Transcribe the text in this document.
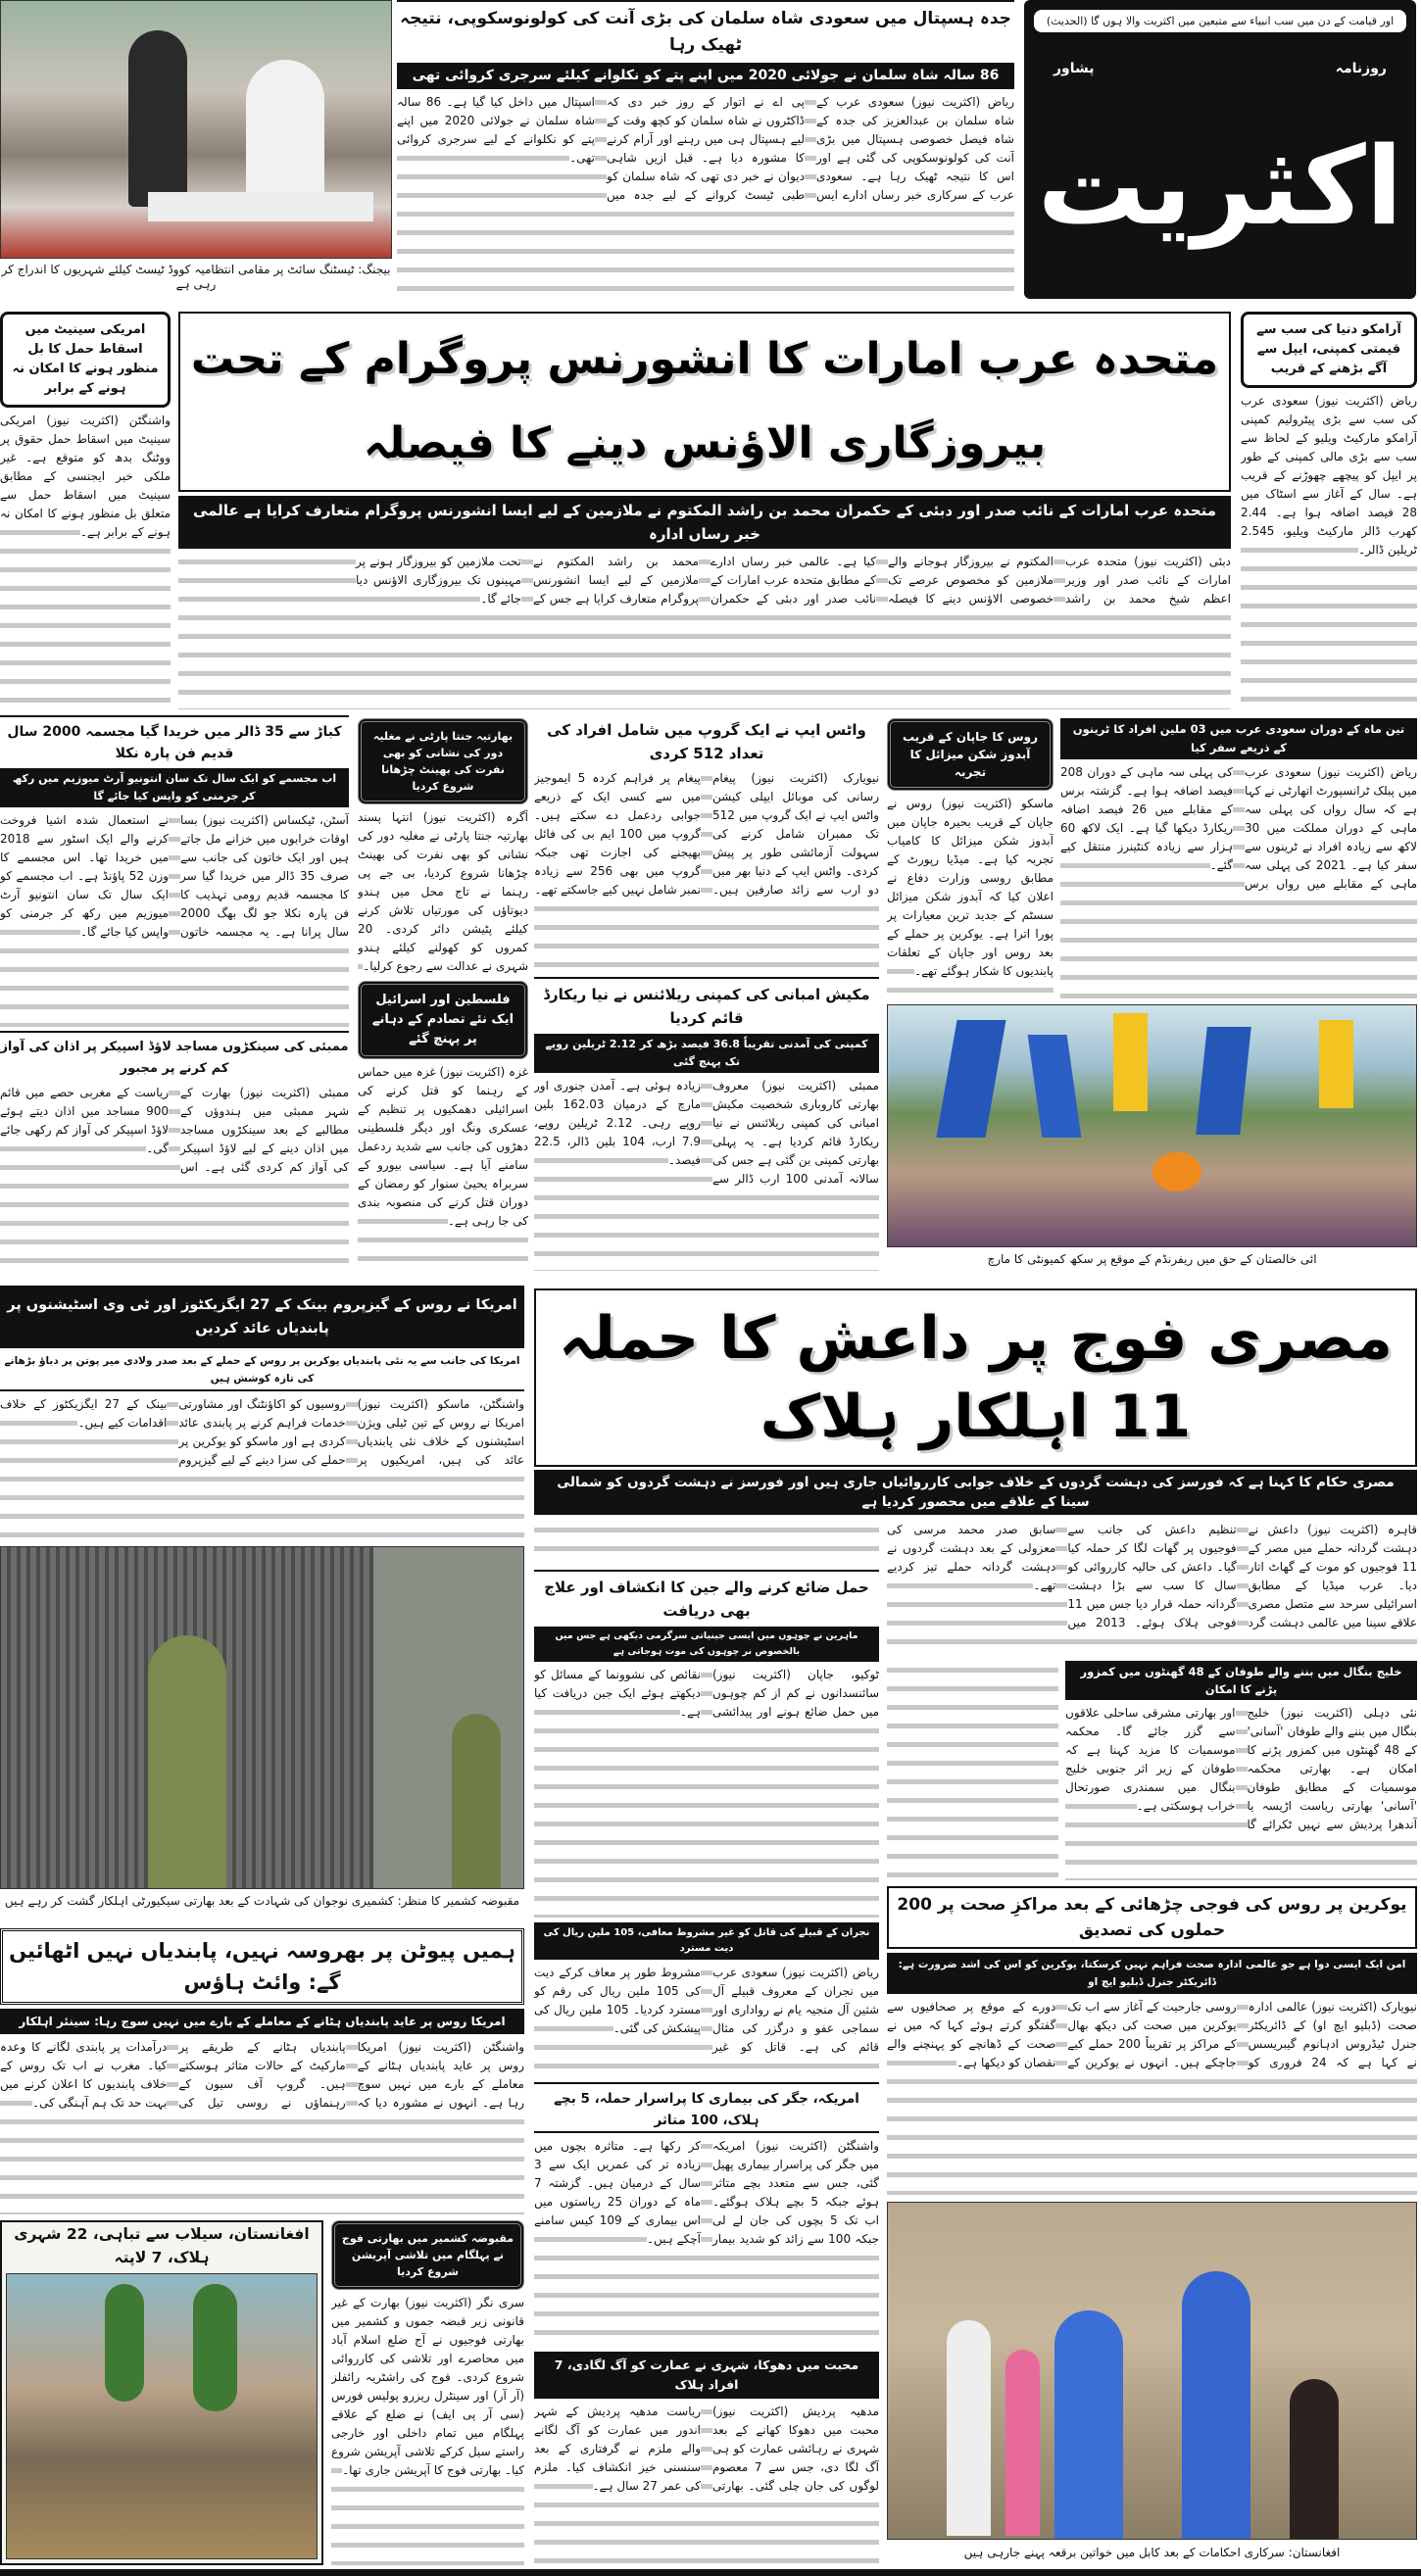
بیجنگ: ٹیسٹنگ سائٹ پر مقامی انتظامیہ کووڈ ٹیسٹ کیلئے شہریوں کا اندراج کر رہی ہے
جدہ ہسپتال میں سعودی شاہ سلمان کی بڑی آنت کی کولونوسکوپی، نتیجہ ٹھیک رہا
86 سالہ شاہ سلمان نے جولائی 2020 میں اپنے پتے کو نکلوانے کیلئے سرجری کروائی تھی
ریاض (اکثریت نیوز) سعودی عرب کے شاہ سلمان بن عبدالعزیز کی جدہ کے شاہ فیصل خصوصی ہسپتال میں بڑی آنت کی کولونوسکوپی کی گئی ہے اور اس کا نتیجہ ٹھیک رہا ہے۔ سعودی عرب کے سرکاری خبر رساں ادارے ایس پی اے نے اتوار کے روز خبر دی کہ ڈاکٹروں نے شاہ سلمان کو کچھ وقت کے لیے ہسپتال ہی میں رہنے اور آرام کرنے کا مشورہ دیا ہے۔ قبل ازیں شاہی دیوان نے خبر دی تھی کہ شاہ سلمان کو طبی ٹیسٹ کروانے کے لیے جدہ میں اسپتال میں داخل کیا گیا ہے۔ 86 سالہ شاہ سلمان نے جولائی 2020 میں اپنے پتے کو نکلوانے کے لیے سرجری کروائی تھی۔
اور قیامت کے دن میں سب انبیاء سے متبعین میں اکثریت والا ہوں گا (الحدیث)
روزنامہ
پشاور
اکثریت
امریکی سینیٹ میں اسقاط حمل کا بل منظور ہونے کا امکان نہ ہونے کے برابر
واشنگٹن (اکثریت نیوز) امریکی سینیٹ میں اسقاط حمل حقوق پر ووٹنگ بدھ کو متوقع ہے۔ غیر ملکی خبر ایجنسی کے مطابق سینیٹ میں اسقاط حمل سے متعلق بل منظور ہونے کا امکان نہ ہونے کے برابر ہے۔
آرامکو دنیا کی سب سے قیمتی کمپنی، ایپل سے آگے بڑھنے کے قریب
ریاض (اکثریت نیوز) سعودی عرب کی سب سے بڑی پیٹرولیم کمپنی آرامکو مارکیٹ ویلیو کے لحاظ سے سب سے بڑی مالی کمپنی کے طور پر ایپل کو پیچھے چھوڑنے کے قریب ہے۔ سال کے آغاز سے اسٹاک میں 28 فیصد اضافہ ہوا ہے۔ 2.44 کھرب ڈالر مارکیٹ ویلیو، 2.545 ٹریلین ڈالر۔
متحدہ عرب امارات کا انشورنس پروگرام کے تحت بیروزگاری الاؤنس دینے کا فیصلہ
متحدہ عرب امارات کے نائب صدر اور دبئی کے حکمران محمد بن راشد المکتوم نے ملازمین کے لیے ایسا انشورنس پروگرام متعارف کرایا ہے عالمی خبر رساں ادارہ
دبئی (اکثریت نیوز) متحدہ عرب امارات کے نائب صدر اور وزیر اعظم شیخ محمد بن راشد المکتوم نے بیروزگار ہوجانے والے ملازمین کو مخصوص عرصے تک خصوصی الاؤنس دینے کا فیصلہ کیا ہے۔ عالمی خبر رساں ادارے کے مطابق متحدہ عرب امارات کے نائب صدر اور دبئی کے حکمران محمد بن راشد المکتوم نے ملازمین کے لیے ایسا انشورنس پروگرام متعارف کرایا ہے جس کے تحت ملازمین کو بیروزگار ہونے پر مہینوں تک بیروزگاری الاؤنس دیا جائے گا۔
کباڑ سے 35 ڈالر میں خریدا گیا مجسمہ 2000 سال قدیم فن پارہ نکلا
اب مجسمے کو ایک سال تک سان انتونیو آرٹ میوزیم میں رکھ کر جرمنی کو واپس کیا جائے گا
آسٹن، ٹیکساس (اکثریت نیوز) بسا اوقات خرابوں میں خزانے مل جاتے ہیں اور ایک خاتون کی جانب سے صرف 35 ڈالر میں خریدا گیا سر کا مجسمہ قدیم رومی تہذیب کا فن پارہ نکلا جو لگ بھگ 2000 سال پرانا ہے۔ یہ مجسمہ خاتون نے استعمال شدہ اشیا فروخت کرنے والے ایک اسٹور سے 2018 میں خریدا تھا۔ اس مجسمے کا وزن 52 پاؤنڈ ہے۔ اب مجسمے کو ایک سال تک سان انتونیو آرٹ میوزیم میں رکھ کر جرمنی کو واپس کیا جائے گا۔
ممبئی کی سینکڑوں مساجد لاؤڈ اسپیکر پر اذان کی آواز کم کرنے پر مجبور
ممبئی (اکثریت نیوز) بھارت کے شہر ممبئی میں ہندوؤں کے مطالبے کے بعد سینکڑوں مساجد میں اذان دینے کے لیے لاؤڈ اسپیکر کی آواز کم کردی گئی ہے۔ اس ریاست کے مغربی حصے میں قائم 900 مساجد میں اذان دیتے ہوئے لاؤڈ اسپیکر کی آواز کم رکھی جائے گی۔
بھارتیہ جنتا پارٹی نے مغلیہ دور کی نشانی کو بھی نفرت کی بھینٹ چڑھانا شروع کردیا
آگرہ (اکثریت نیوز) انتہا پسند بھارتیہ جنتا پارٹی نے مغلیہ دور کی نشانی کو بھی نفرت کی بھینٹ چڑھانا شروع کردیا، بی جے پی رہنما نے تاج محل میں ہندو دیوتاؤں کی مورتیاں تلاش کرنے کیلئے پٹیشن دائر کردی۔ 20 کمروں کو کھولنے کیلئے ہندو شہری نے عدالت سے رجوع کرلیا۔
فلسطین اور اسرائیل ایک نئے تصادم کے دہانے پر پہنچ گئے
غزہ (اکثریت نیوز) غزہ میں حماس کے رہنما کو قتل کرنے کی اسرائیلی دھمکیوں پر تنظیم کے عسکری ونگ اور دیگر فلسطینی دھڑوں کی جانب سے شدید ردعمل سامنے آیا ہے۔ سیاسی بیورو کے سربراہ یحییٰ سنوار کو رمضان کے دوران قتل کرنے کی منصوبہ بندی کی جا رہی ہے۔
واٹس ایپ نے ایک گروپ میں شامل افراد کی تعداد 512 کردی
نیویارک (اکثریت نیوز) پیغام رسانی کی موبائل ایپلی کیشن واٹس ایپ نے ایک گروپ میں 512 تک ممبران شامل کرنے کی سہولت آزمائشی طور پر پیش کردی۔ واٹس ایپ کے دنیا بھر میں دو ارب سے زائد صارفین ہیں۔ پیغام پر فراہم کردہ 5 ایموجیز میں سے کسی ایک کے ذریعے جوابی ردعمل دے سکتے ہیں۔ گروپ میں 100 ایم بی کی فائل بھیجنے کی اجازت تھی جبکہ گروپ میں بھی 256 سے زیادہ نمبر شامل نہیں کیے جاسکتے تھے۔
مکیش امبانی کی کمپنی ریلائنس نے نیا ریکارڈ قائم کردیا
کمپنی کی آمدنی تقریباً 36.8 فیصد بڑھ کر 2.12 ٹریلین روپے تک پہنچ گئی
ممبئی (اکثریت نیوز) معروف بھارتی کاروباری شخصیت مکیش امبانی کی کمپنی ریلائنس نے نیا ریکارڈ قائم کردیا ہے۔ یہ پہلی بھارتی کمپنی بن گئی ہے جس کی سالانہ آمدنی 100 ارب ڈالر سے زیادہ ہوئی ہے۔ آمدن جنوری اور مارچ کے درمیان 162.03 بلین روپے رہی۔ 2.12 ٹریلین روپے، 7.9 ارب، 104 بلین ڈالر، 22.5 فیصد۔
روس کا جاپان کے قریب آبدوز شکن میزائل کا تجربہ
ماسکو (اکثریت نیوز) روس نے جاپان کے قریب بحیرہ جاپان میں آبدوز شکن میزائل کا کامیاب تجربہ کیا ہے۔ میڈیا رپورٹ کے مطابق روسی وزارت دفاع نے اعلان کیا کہ آبدوز شکن میزائل سسٹم کے جدید ترین معیارات پر پورا اترا ہے۔ یوکرین پر حملے کے بعد روس اور جاپان کے تعلقات پابندیوں کا شکار ہوگئے تھے۔
تین ماہ کے دوران سعودی عرب میں 03 ملین افراد کا ٹرینوں کے ذریعے سفر کیا
ریاض (اکثریت نیوز) سعودی عرب میں پبلک ٹرانسپورٹ اتھارٹی نے کہا ہے کہ سال رواں کی پہلی سہ ماہی کے دوران مملکت میں 30 لاکھ سے زیادہ افراد نے ٹرینوں سے سفر کیا ہے۔ 2021 کی پہلی سہ ماہی کے مقابلے میں رواں برس کی پہلی سہ ماہی کے دوران 208 فیصد اضافہ ہوا ہے۔ گزشتہ برس کے مقابلے میں 26 فیصد اضافہ ریکارڈ دیکھا گیا ہے۔ ایک لاکھ 60 ہزار سے زیادہ کنٹینرز منتقل کیے گئے۔
ائی خالصتان کے حق میں ریفرنڈم کے موقع پر سکھ کمیونٹی کا مارچ
امریکا نے روس کے گیزپروم بینک کے 27 ایگزیکٹوز اور ٹی وی اسٹیشنوں پر پابندیاں عائد کردیں
امریکا کی جانب سے یہ نئی پابندیاں یوکرین پر روس کے حملے کے بعد صدر ولادی میر پوتن پر دباؤ بڑھانے کی تازہ کوشش ہیں
واشنگٹن، ماسکو (اکثریت نیوز) امریکا نے روس کے تین ٹیلی ویژن اسٹیشنوں کے خلاف نئی پابندیاں عائد کی ہیں، امریکیوں پر روسیوں کو اکاؤنٹنگ اور مشاورتی خدمات فراہم کرنے پر پابندی عائد کردی ہے اور ماسکو کو یوکرین پر حملے کی سزا دینے کے لیے گیزپروم بینک کے 27 ایگزیکٹوز کے خلاف اقدامات کیے ہیں۔
مقبوضہ کشمیر کا منظر: کشمیری نوجوان کی شہادت کے بعد بھارتی سیکیورٹی اہلکار گشت کر رہے ہیں
مصری فوج پر داعش کا حملہ 11 اہلکار ہلاک
مصری حکام کا کہنا ہے کہ فورسز کی دہشت گردوں کے خلاف جوابی کارروائیاں جاری ہیں اور فورسز نے دہشت گردوں کو شمالی سینا کے علاقے میں محصور کردیا ہے
قاہرہ (اکثریت نیوز) داعش نے دہشت گردانہ حملے میں مصر کے 11 فوجیوں کو موت کے گھاٹ اتار دیا۔ عرب میڈیا کے مطابق اسرائیلی سرحد سے متصل مصری علاقے سینا میں عالمی دہشت گرد تنظیم داعش کی جانب سے فوجیوں پر گھات لگا کر حملہ کیا گیا۔ داعش کی حالیہ کارروائی کو سال کا سب سے بڑا دہشت گردانہ حملہ قرار دیا جس میں 11 فوجی ہلاک ہوئے۔ 2013 میں سابق صدر محمد مرسی کی معزولی کے بعد دہشت گردوں نے دہشت گردانہ حملے تیز کردیے تھے۔
حمل ضائع کرنے والے جین کا انکشاف اور علاج بھی دریافت
ماہرین نے چوہوں میں ایسی جینیاتی سرگرمی دیکھی ہے جس میں بالخصوص نر چوہوں کی موت ہوجاتی ہے
ٹوکیو، جاپان (اکثریت نیوز) سائنسدانوں نے کم از کم چوہوں میں حمل ضائع ہونے اور پیدائشی نقائص کی نشوونما کے مسائل کو دیکھتے ہوئے ایک جین دریافت کیا ہے۔
خلیج بنگال میں بننے والے طوفان کے 48 گھنٹوں میں کمزور پڑنے کا امکان
نئی دہلی (اکثریت نیوز) خلیج بنگال میں بننے والے طوفان 'آسانی' کے 48 گھنٹوں میں کمزور پڑنے کا امکان ہے۔ بھارتی محکمہ موسمیات کے مطابق طوفان 'آسانی' بھارتی ریاست اڑیسہ یا آندھرا پردیش سے نہیں ٹکرائے گا اور بھارتی مشرقی ساحلی علاقوں سے گزر جائے گا۔ محکمہ موسمیات کا مزید کہنا ہے کہ طوفان کے زیر اثر جنوبی خلیج بنگال میں سمندری صورتحال خراب ہوسکتی ہے۔
یوکرین پر روس کی فوجی چڑھائی کے بعد مراکزِ صحت پر 200 حملوں کی تصدیق
امن ایک ایسی دوا ہے جو عالمی ادارہ صحت فراہم نہیں کرسکتا، یوکرین کو اس کی اشد ضرورت ہے: ڈائریکٹر جنرل ڈبلیو ایچ او
نیویارک (اکثریت نیوز) عالمی ادارہ صحت (ڈبلیو ایچ او) کے ڈائریکٹر جنرل ٹیڈروس ادہانوم گیبریسس نے کہا ہے کہ 24 فروری کو روسی جارحیت کے آغاز سے اب تک یوکرین میں صحت کی دیکھ بھال کے مراکز پر تقریباً 200 حملے کیے جاچکے ہیں۔ انہوں نے یوکرین کے دورے کے موقع پر صحافیوں سے گفتگو کرتے ہوئے کہا کہ میں نے صحت کے ڈھانچے کو پہنچنے والے نقصان کو دیکھا ہے۔
افغانستان: سرکاری احکامات کے بعد کابل میں خواتین برقعہ پہنے جارہی ہیں
نجران کے قبیلے کی قاتل کو غیر مشروط معافی، 105 ملین ریال کی دیت مسترد
ریاض (اکثریت نیوز) سعودی عرب میں نجران کے معروف قبیلے آل شثین آل منجیہ یام نے رواداری اور سماجی عفو و درگزر کی مثال قائم کی ہے۔ قاتل کو غیر مشروط طور پر معاف کرکے دیت کی 105 ملین ریال کی رقم کو مسترد کردیا۔ 105 ملین ریال کی پیشکش کی گئی۔
امریکہ، جگر کی بیماری کا پراسرار حملہ، 5 بچے ہلاک، 100 متاثر
واشنگٹن (اکثریت نیوز) امریکہ میں جگر کی پراسرار بیماری پھیل گئی، جس سے متعدد بچے متاثر ہوئے جبکہ 5 بچے ہلاک ہوگئے۔ اب تک 5 بچوں کی جان لے لی جبکہ 100 سے زائد کو شدید بیمار کر رکھا ہے۔ متاثرہ بچوں میں زیادہ تر کی عمریں ایک سے 3 سال کے درمیان ہیں۔ گزشتہ 7 ماہ کے دوران 25 ریاستوں میں اس بیماری کے 109 کیس سامنے آچکے ہیں۔
محبت میں دھوکا، شہری نے عمارت کو آگ لگادی، 7 افراد ہلاک
مدھیہ پردیش (اکثریت نیوز) محبت میں دھوکا کھانے کے بعد شہری نے رہائشی عمارت کو ہی آگ لگا دی، جس سے 7 معصوم لوگوں کی جان چلی گئی۔ بھارتی ریاست مدھیہ پردیش کے شہر اندور میں عمارت کو آگ لگانے والے ملزم نے گرفتاری کے بعد سنسنی خیز انکشاف کیا۔ ملزم کی عمر 27 سال ہے۔
ہمیں پیوٹن پر بھروسہ نہیں، پابندیاں نہیں اٹھائیں گے: وائٹ ہاؤس
امریکا روس پر عاید پابندیاں ہٹانے کے معاملے کے بارے میں نہیں سوچ رہا: سینئر اہلکار
واشنگٹن (اکثریت نیوز) امریکا روس پر عاید پابندیاں ہٹانے کے معاملے کے بارے میں نہیں سوچ رہا ہے۔ انہوں نے مشورہ دیا کہ پابندیاں ہٹانے کے طریقے پر مارکیٹ کے حالات متاثر ہوسکتے ہیں۔ گروپ آف سیون کے رہنماؤں نے روسی تیل کی درآمدات پر پابندی لگانے کا وعدہ کیا۔ مغرب نے اب تک روس کے خلاف پابندیوں کا اعلان کرنے میں بہت حد تک ہم آہنگی کی۔
افغانستان، سیلاب سے تباہی، 22 شہری ہلاک، 7 لاپتہ
مقبوضہ کشمیر میں بھارتی فوج نے پہلگام میں تلاشی آپریشن شروع کردیا
سری نگر (اکثریت نیوز) بھارت کے غیر قانونی زیر قبضہ جموں و کشمیر میں بھارتی فوجیوں نے آج ضلع اسلام آباد میں محاصرے اور تلاشی کی کارروائی شروع کردی۔ فوج کی راشٹریہ رائفلز (آر آر) اور سینٹرل ریزرو پولیس فورس (سی آر پی ایف) نے ضلع کے علاقے پہلگام میں تمام داخلی اور خارجی راستے سیل کرکے تلاشی آپریشن شروع کیا۔ بھارتی فوج کا آپریشن جاری تھا۔
